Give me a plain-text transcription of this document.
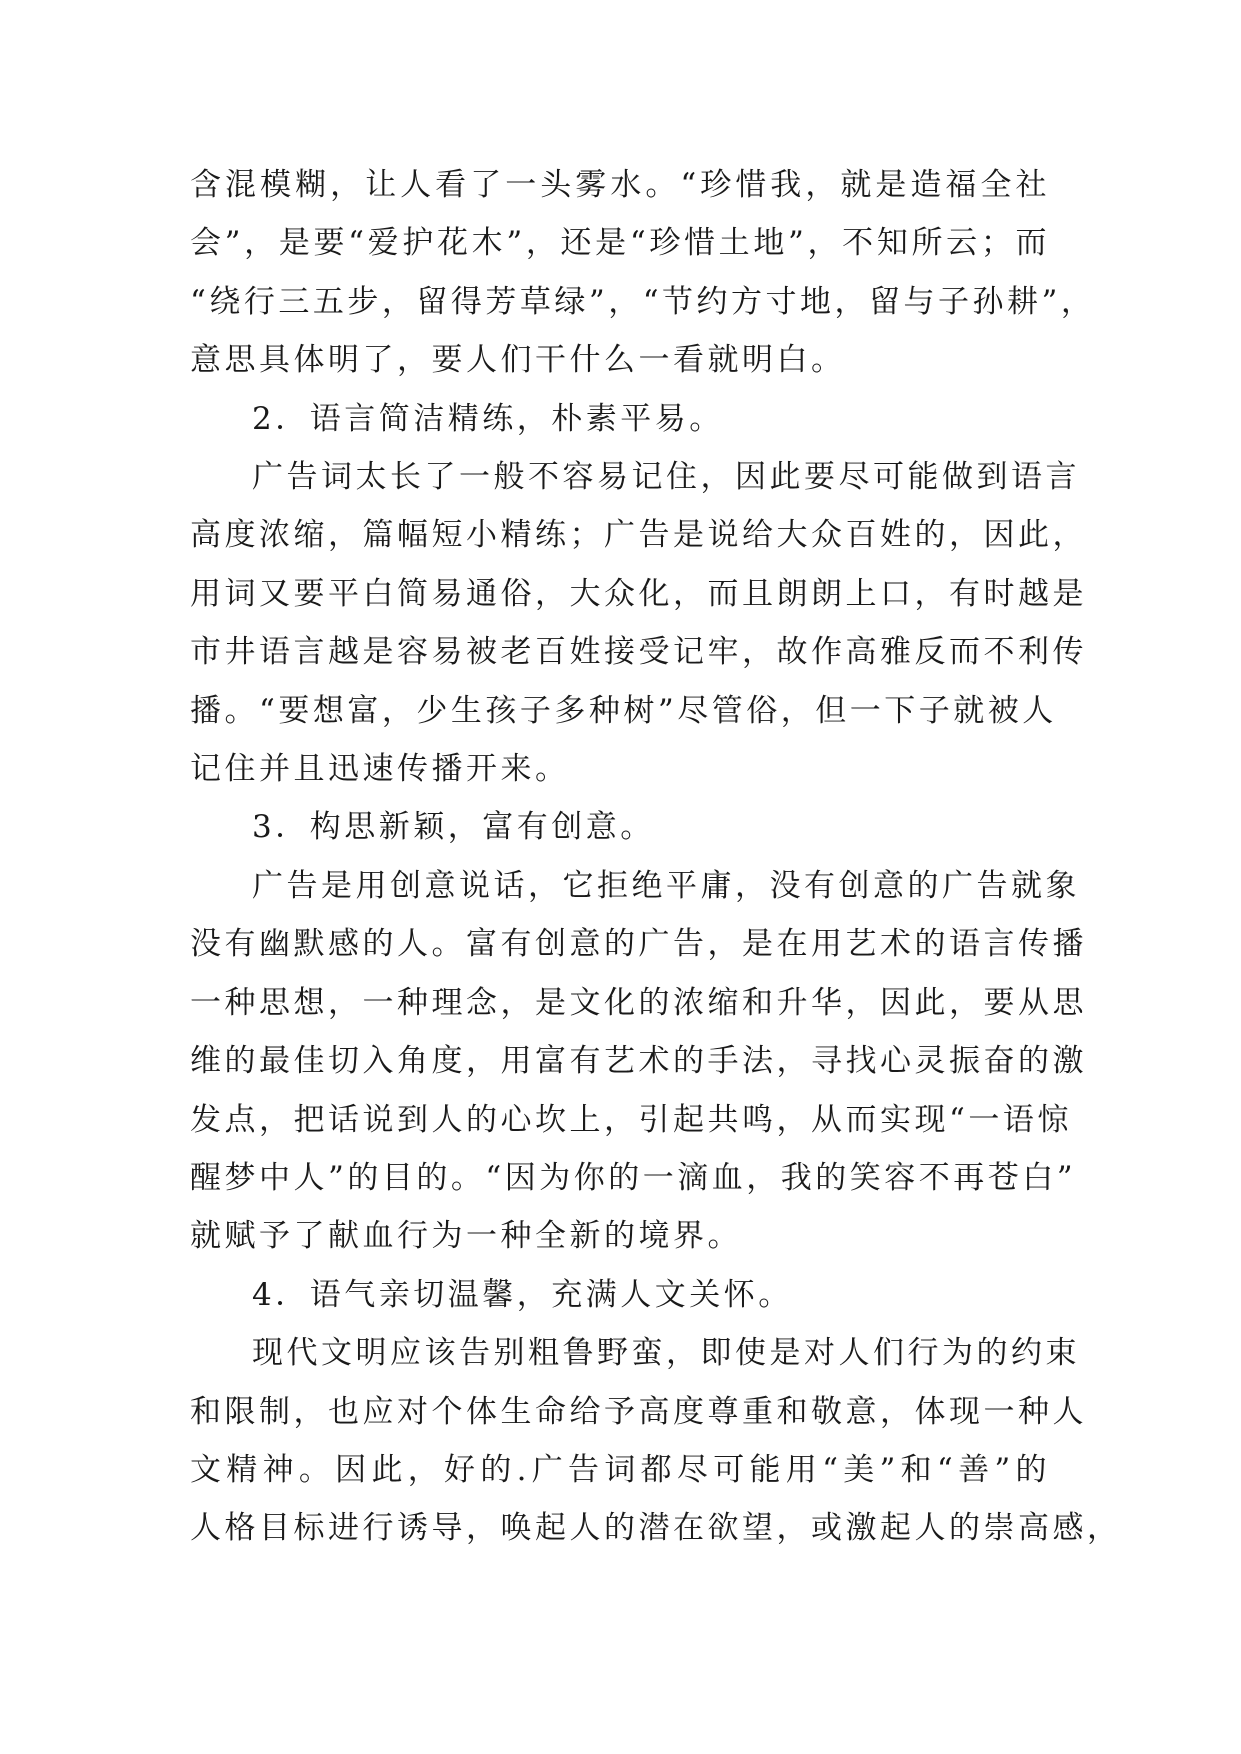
含混模糊，让人看了一头雾水。“珍惜我，就是造福全社
会”，是要“爱护花木”，还是“珍惜土地”，不知所云；而
“绕行三五步，留得芳草绿”，“节约方寸地，留与子孙耕”，
意思具体明了，要人们干什么一看就明白。
2．语言简洁精练，朴素平易。
广告词太长了一般不容易记住，因此要尽可能做到语言
高度浓缩，篇幅短小精练；广告是说给大众百姓的，因此，
用词又要平白简易通俗，大众化，而且朗朗上口，有时越是
市井语言越是容易被老百姓接受记牢，故作高雅反而不利传
播。“要想富，少生孩子多种树”尽管俗，但一下子就被人
记住并且迅速传播开来。
3．构思新颖，富有创意。
广告是用创意说话，它拒绝平庸，没有创意的广告就象
没有幽默感的人。富有创意的广告，是在用艺术的语言传播
一种思想，一种理念，是文化的浓缩和升华，因此，要从思
维的最佳切入角度，用富有艺术的手法，寻找心灵振奋的激
发点，把话说到人的心坎上，引起共鸣，从而实现“一语惊
醒梦中人”的目的。“因为你的一滴血，我的笑容不再苍白”
就赋予了献血行为一种全新的境界。
4．语气亲切温馨，充满人文关怀。
现代文明应该告别粗鲁野蛮，即使是对人们行为的约束
和限制，也应对个体生命给予高度尊重和敬意，体现一种人
文精神。因此，好的.广告词都尽可能用“美”和“善”的
人格目标进行诱导，唤起人的潜在欲望，或激起人的崇高感，
